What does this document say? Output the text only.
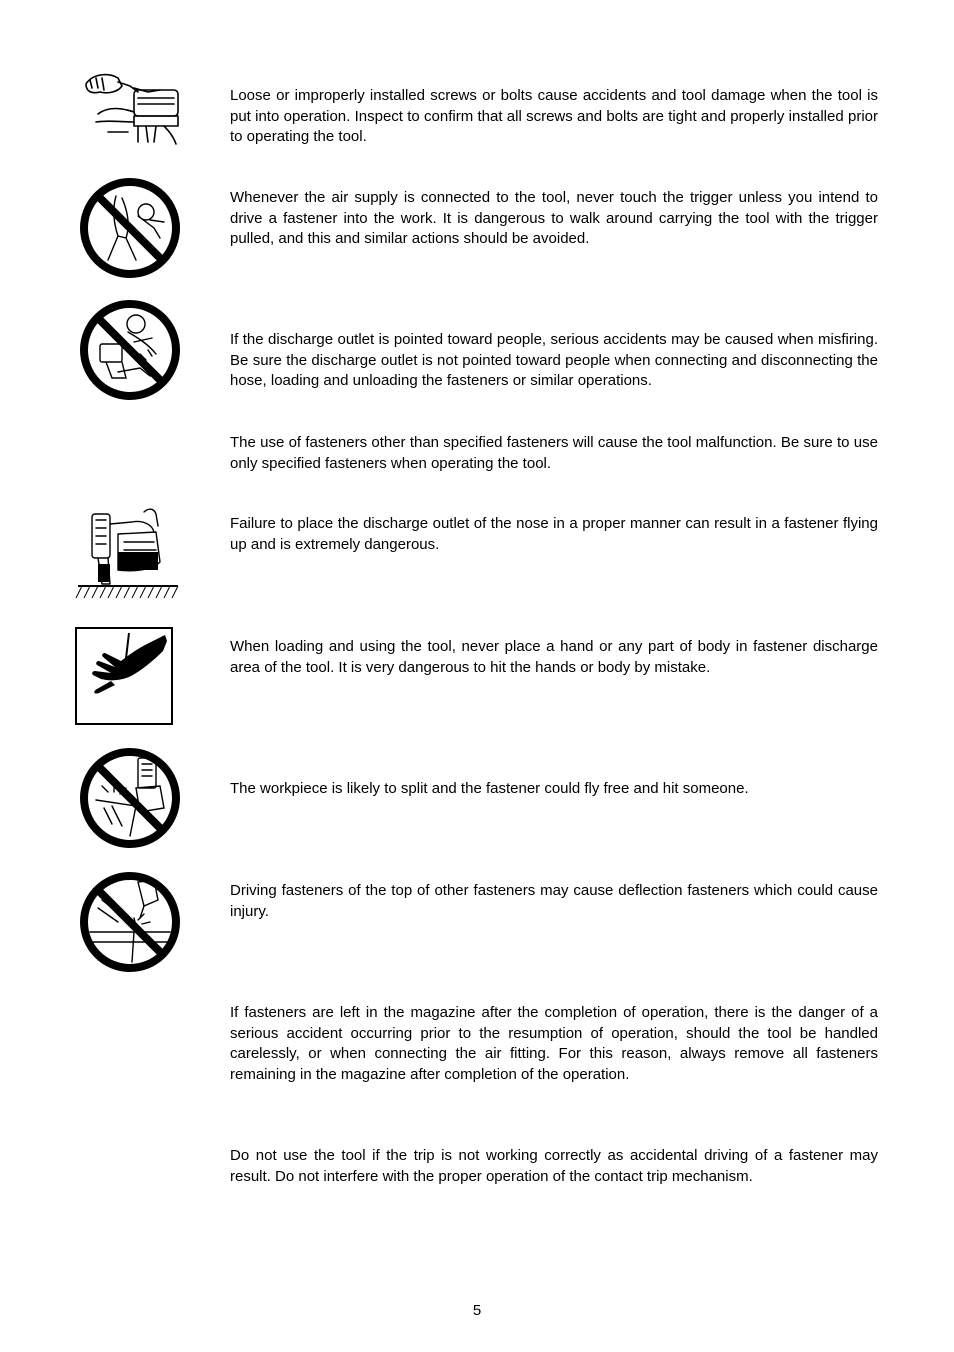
Loose or improperly installed screws or bolts cause accidents and tool damage when the tool is put into operation. Inspect to confirm that all screws and bolts are tight and properly installed prior to operating the tool.

Whenever the air supply is connected to the tool, never touch the trigger unless you intend to drive a fastener into the work. It is dangerous to walk around carrying the tool with the trigger pulled, and this and similar actions should be avoided.

If the discharge outlet is pointed toward people, serious accidents may be caused when misfiring. Be sure the discharge outlet is not pointed toward people when connecting and disconnecting the hose, loading and unloading the fasteners or similar operations.

The use of fasteners other than specified fasteners will cause the tool malfunction. Be sure to use only specified fasteners when operating the tool.

Failure to place the discharge outlet of the nose in a proper manner can result in a fastener flying up and is extremely dangerous.

When loading and using the tool, never place a hand or any part of body in fastener discharge area of the tool. It is very dangerous to hit the hands or body by mistake.

The workpiece is likely to split and the fastener could fly free and hit someone.

Driving fasteners of the top of other fasteners may cause deflection fasteners which could cause injury.

If fasteners are left in the magazine after the completion of operation, there is the danger of a serious accident occurring prior to the resumption of operation, should the tool be handled carelessly, or when connecting the air fitting. For this reason, always remove all fasteners remaining in the magazine after completion of the operation.

Do not use the tool if the trip is not working correctly as accidental driving of a fastener may result. Do not interfere with the proper operation of the contact trip mechanism.

5
